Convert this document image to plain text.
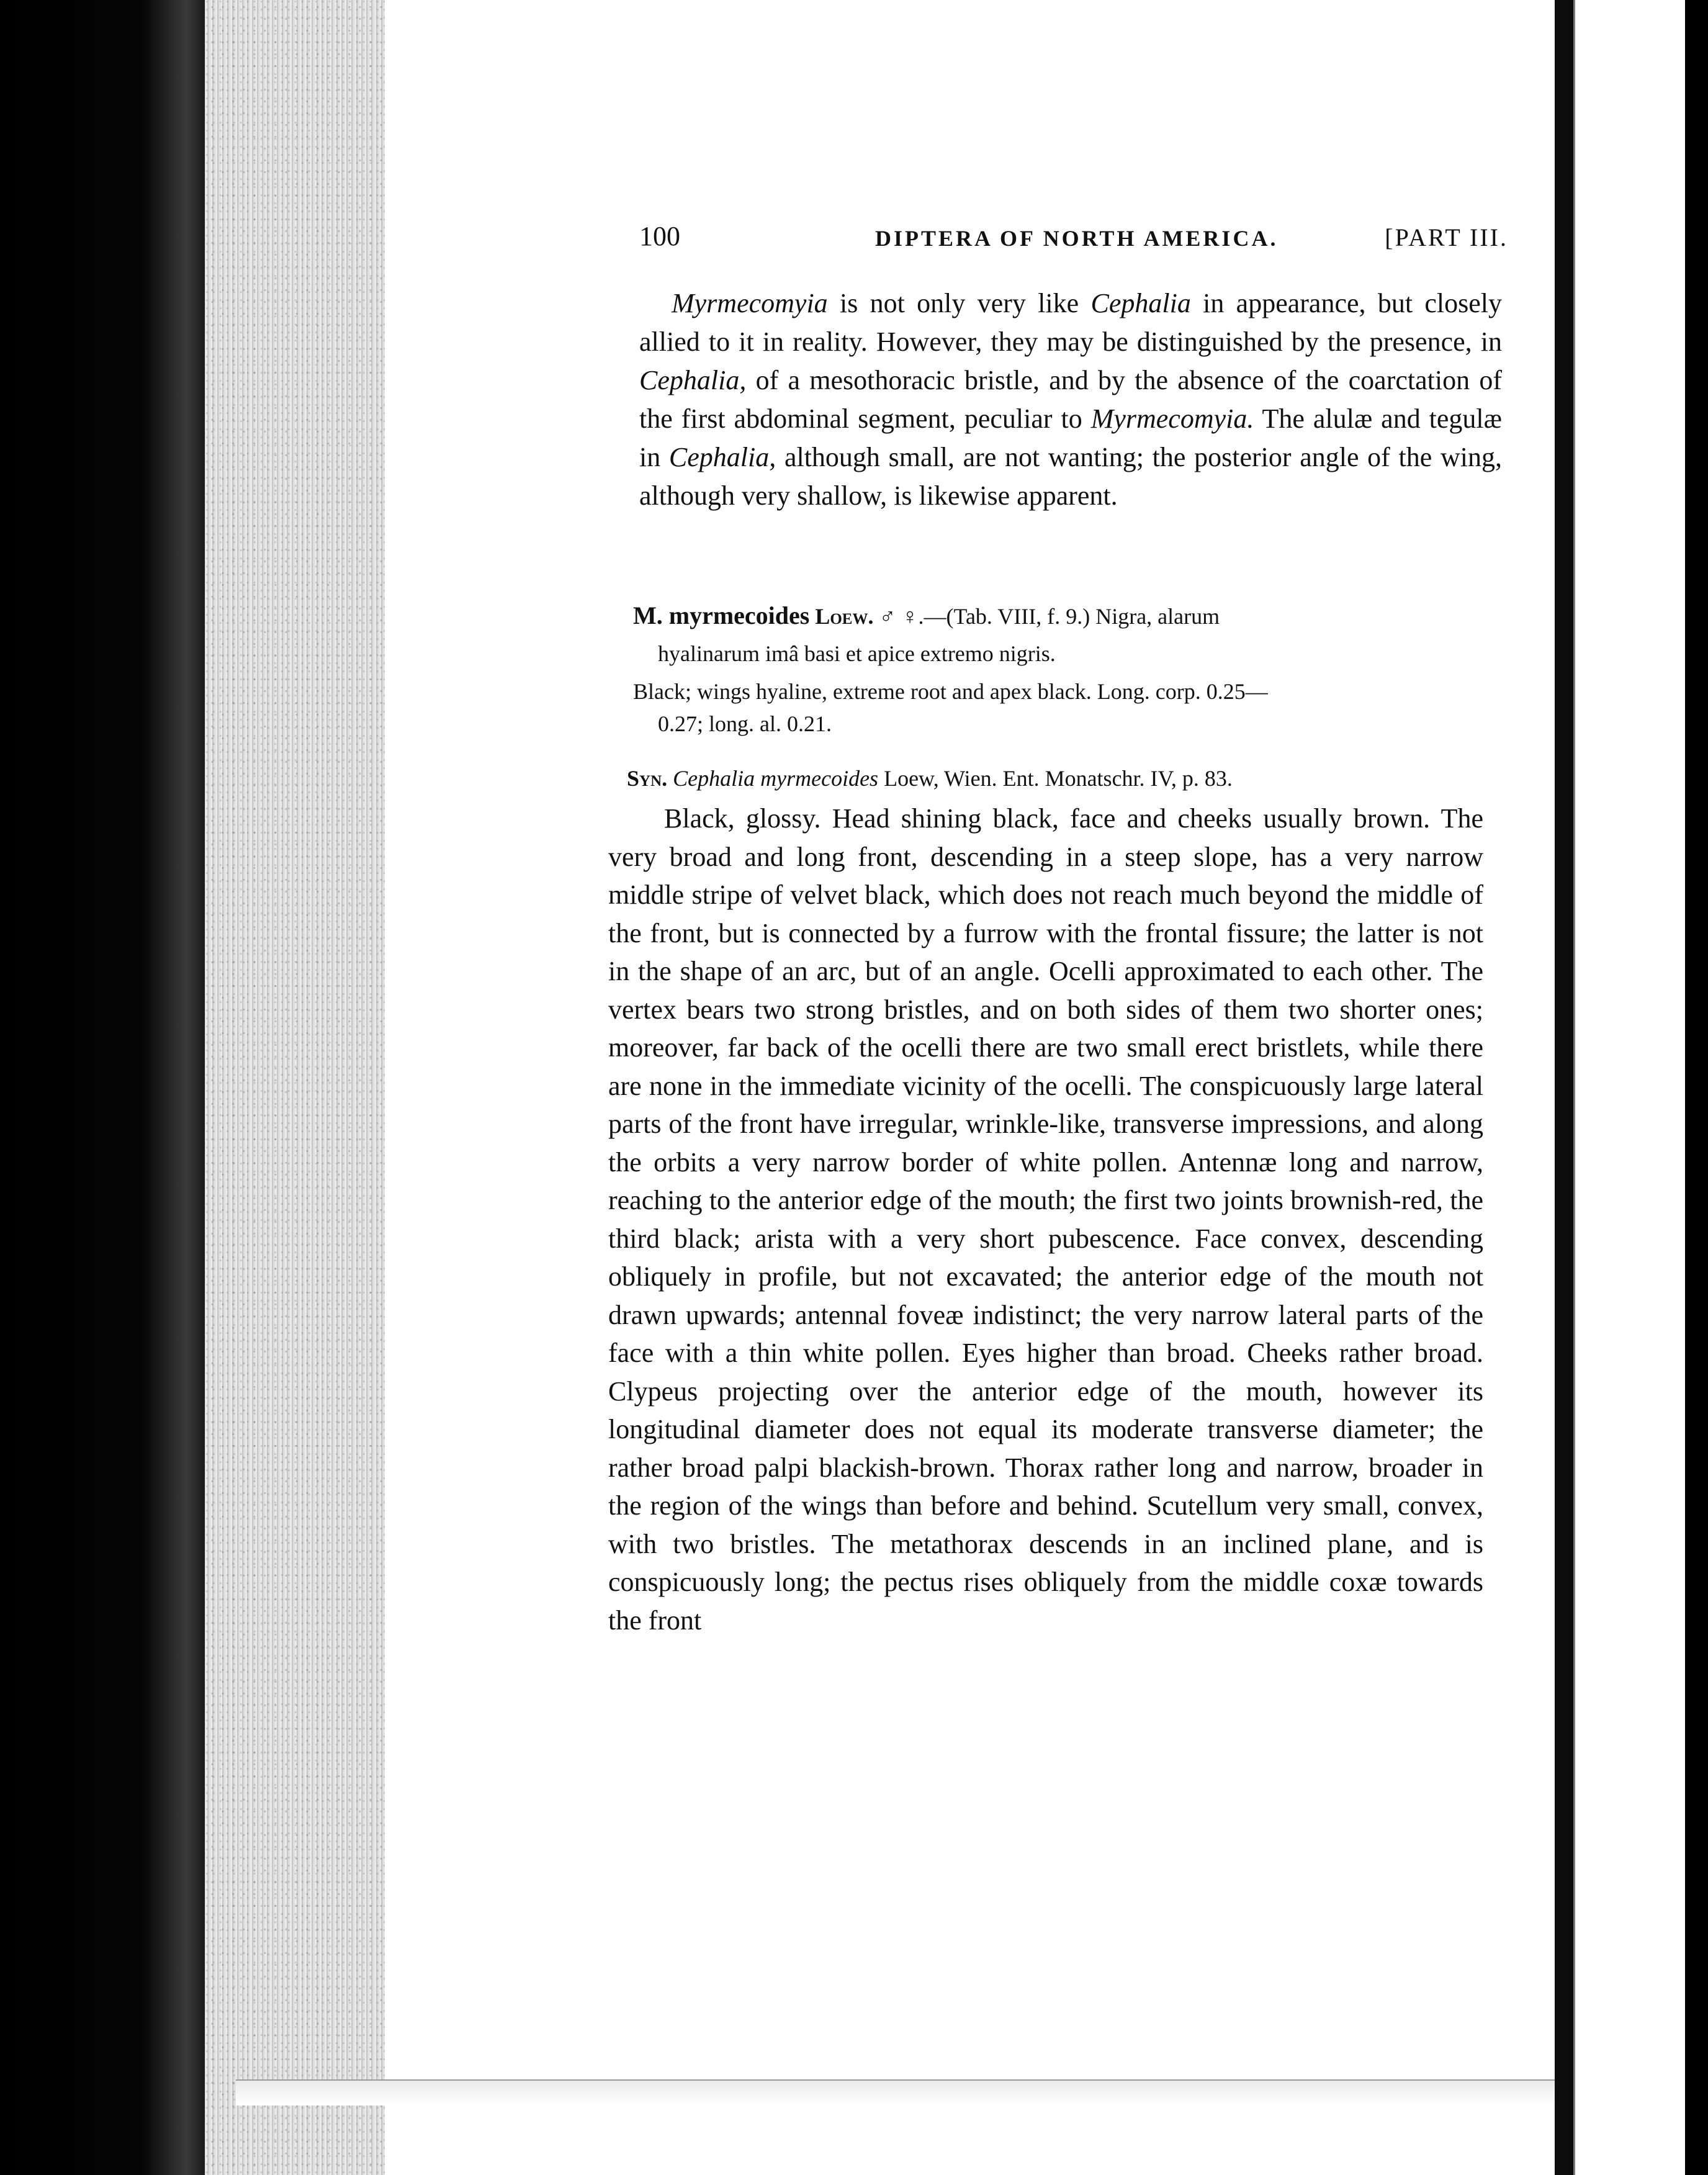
100	DIPTERA OF NORTH AMERICA.	[PART III.
Myrmecomyia is not only very like Cephalia in appearance, but closely allied to it in reality. However, they may be distinguished by the presence, in Cephalia, of a mesothoracic bristle, and by the absence of the coarctation of the first abdominal segment, peculiar to Myrmecomyia. The alulæ and tegulæ in Cephalia, although small, are not wanting; the posterior angle of the wing, although very shallow, is likewise apparent.
M. myrmecoides Loew. ♂ ♀.—(Tab. VIII, f. 9.) Nigra, alarum
hyalinarum imâ basi et apice extremo nigris.
Black; wings hyaline, extreme root and apex black. Long. corp. 0.25—
0.27; long. al. 0.21.
Syn. Cephalia myrmecoides Loew, Wien. Ent. Monatschr. IV, p. 83.
Black, glossy. Head shining black, face and cheeks usually brown. The very broad and long front, descending in a steep slope, has a very narrow middle stripe of velvet black, which does not reach much beyond the middle of the front, but is connected by a furrow with the frontal fissure; the latter is not in the shape of an arc, but of an angle. Ocelli approximated to each other. The vertex bears two strong bristles, and on both sides of them two shorter ones; moreover, far back of the ocelli there are two small erect bristlets, while there are none in the immediate vicinity of the ocelli. The conspicuously large lateral parts of the front have irregular, wrinkle-like, transverse impressions, and along the orbits a very narrow border of white pollen. Antennæ long and narrow, reaching to the anterior edge of the mouth; the first two joints brownish-red, the third black; arista with a very short pubescence. Face convex, descending obliquely in profile, but not excavated; the anterior edge of the mouth not drawn upwards; antennal foveæ indistinct; the very narrow lateral parts of the face with a thin white pollen. Eyes higher than broad. Cheeks rather broad. Clypeus projecting over the anterior edge of the mouth, however its longitudinal diameter does not equal its moderate transverse diameter; the rather broad palpi blackish-brown. Thorax rather long and narrow, broader in the region of the wings than before and behind. Scutellum very small, convex, with two bristles. The metathorax descends in an inclined plane, and is conspicuously long; the pectus rises obliquely from the middle coxæ towards the front
